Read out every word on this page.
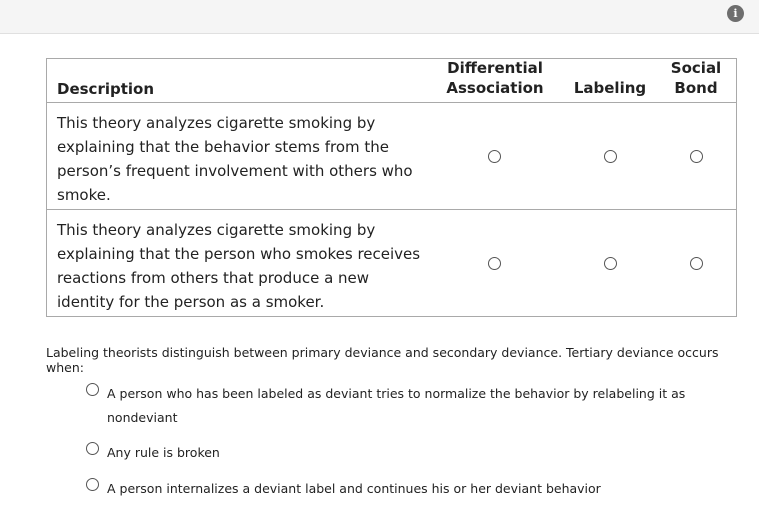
i
Description
Differential
Association	Labeling
Social
Bond
This theory analyzes cigarette smoking by explaining that the behavior stems from the person’s frequent involvement with others who smoke.
This theory analyzes cigarette smoking by explaining that the person who smokes receives reactions from others that produce a new identity for the person as a smoker.
Labeling theorists distinguish between primary deviance and secondary deviance. Tertiary deviance occurs when:
A person who has been labeled as deviant tries to normalize the behavior by relabeling it as nondeviant
Any rule is broken
A person internalizes a deviant label and continues his or her deviant behavior
